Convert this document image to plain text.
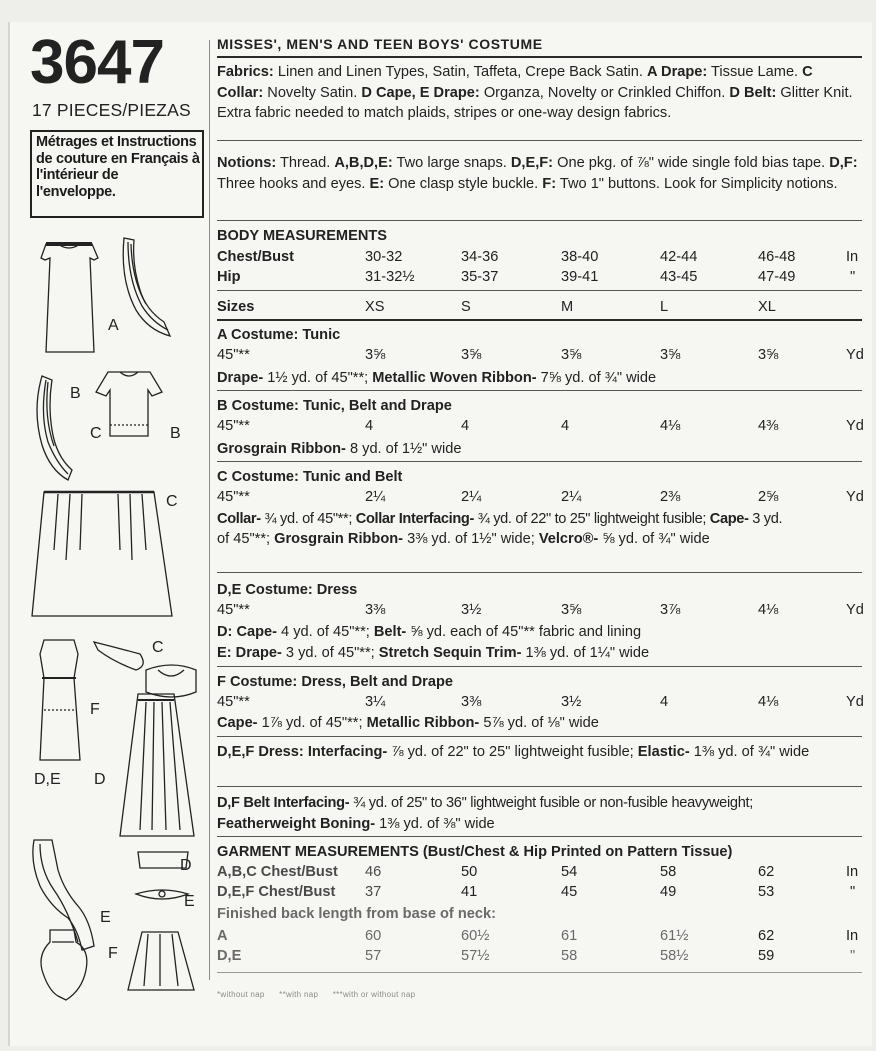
3647
17 PIECES/PIEZAS
Métrages et Instructions
de couture en Français à
l'intérieur de
l'enveloppe.
A
B
C	B
C
F
C
D,E D
E
D
E
F
MISSES', MEN'S AND TEEN BOYS' COSTUME
Fabrics: Linen and Linen Types, Satin, Taffeta, Crepe Back Satin. A Drape: Tissue Lame. C
Collar: Novelty Satin. D Cape, E Drape: Organza, Novelty or Crinkled Chiffon. D Belt: Glitter Knit.
Extra fabric needed to match plaids, stripes or one-way design fabrics.
Notions: Thread. A,B,D,E: Two large snaps. D,E,F: One pkg. of ⅞" wide single fold bias tape. D,F:
Three hooks and eyes. E: One clasp style buckle. F: Two 1" buttons. Look for Simplicity notions.
BODY MEASUREMENTS
Chest/Bust	30-32	34-36	38-40	42-44	46-48	In
Hip	31-32½	35-37	39-41	43-45	47-49	"
Sizes	XS	S	M	L	XL
A Costume: Tunic
45"**	3⅝	3⅝	3⅝	3⅝	3⅝	Yd
Drape- 1½ yd. of 45"**; Metallic Woven Ribbon- 7⅝ yd. of ¾" wide
B Costume: Tunic, Belt and Drape
45"**	4	4	4	4⅛	4⅜	Yd
Grosgrain Ribbon- 8 yd. of 1½" wide
C Costume: Tunic and Belt
45"**	2¼	2¼	2¼	2⅜	2⅝	Yd
Collar- ¾ yd. of 45"**; Collar Interfacing- ¾ yd. of 22" to 25" lightweight fusible; Cape- 3 yd.
of 45"**; Grosgrain Ribbon- 3⅜ yd. of 1½" wide; Velcro®- ⅝ yd. of ¾" wide
D,E Costume: Dress
45"**	3⅜	3½	3⅝	3⅞	4⅛	Yd
D: Cape- 4 yd. of 45"**; Belt- ⅝ yd. each of 45"** fabric and lining
E: Drape- 3 yd. of 45"**; Stretch Sequin Trim- 1⅜ yd. of 1¼" wide
F Costume: Dress, Belt and Drape
45"**	3¼	3⅜	3½	4	4⅛	Yd
Cape- 1⅞ yd. of 45"**; Metallic Ribbon- 5⅞ yd. of ⅛" wide
D,E,F Dress: Interfacing- ⅞ yd. of 22" to 25" lightweight fusible; Elastic- 1⅜ yd. of ¾" wide
D,F Belt Interfacing- ¾ yd. of 25" to 36" lightweight fusible or non-fusible heavyweight;
Featherweight Boning- 1⅜ yd. of ⅜" wide
GARMENT MEASUREMENTS (Bust/Chest & Hip Printed on Pattern Tissue)
A,B,C Chest/Bust 46	50	54	58	62	In
D,E,F Chest/Bust 37	41	45	49	53	"
Finished back length from base of neck:
A	60	60½	61	61½	62	In
D,E	57	57½	58	58½	59	"
*without nap **with nap ***with or without nap
